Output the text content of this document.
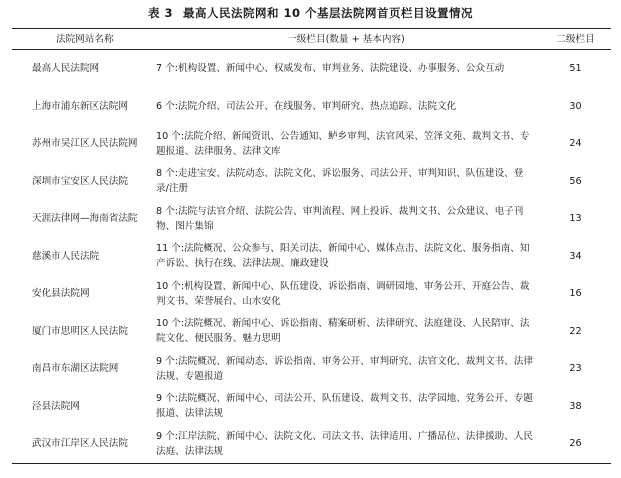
表 3 最高人民法院网和 10 个基层法院网首页栏目设置情况
法院网站名称	一级栏目(数量 + 基本内容)	二级栏目
最高人民法院网	7 个:机构设置、新闻中心、权威发布、审判业务、法院建设、办事服务、公众互动	51
上海市浦东新区法院网	6 个:法院介绍、司法公开、在线服务、审判研究、热点追踪、法院文化	30
苏州市吴江区人民法院网	10 个:法院介绍、新闻资讯、公告通知、鲈乡审判、法官风采、笠泽文苑、裁判文书、专题报道、法律服务、法律文库	24
深圳市宝安区人民法院	8 个:走进宝安、法院动态、法院文化、诉讼服务、司法公开、审判知识、队伍建设、登录/注册	56
天涯法律网—海南省法院	8 个:法院与法官介绍、法院公告、审判流程、网上投诉、裁判文书、公众建议、电子刊物、图片集锦	13
慈溪市人民法院	11 个:法院概况、公众参与、阳关司法、新闻中心、媒体点击、法院文化、服务指南、知产诉讼、执行在线、法律法规、廉政建设	34
安化县法院网	10 个:机构设置、新闻中心、队伍建设、诉讼指南、调研园地、审务公开、开庭公告、裁判文书、荣誉展台、山水安化	16
厦门市思明区人民法院	10 个:法院概况、新闻中心、诉讼指南、精案研析、法律研究、法庭建设、人民陪审、法院文化、便民服务、魅力思明	22
南昌市东湖区法院网	9 个:法院概况、新闻动态、诉讼指南、审务公开、审判研究、法官文化、裁判文书、法律法规、专题报道	23
泾县法院网	9 个:法院概况、新闻中心、司法公开、队伍建设、裁判文书、法学园地、党务公开、专题报道、法律法规	38
武汉市江岸区人民法院	9 个:江岸法院、新闻中心、法院文化、司法文书、法律适用、广播品位、法律援助、人民法庭、法律法规	26
